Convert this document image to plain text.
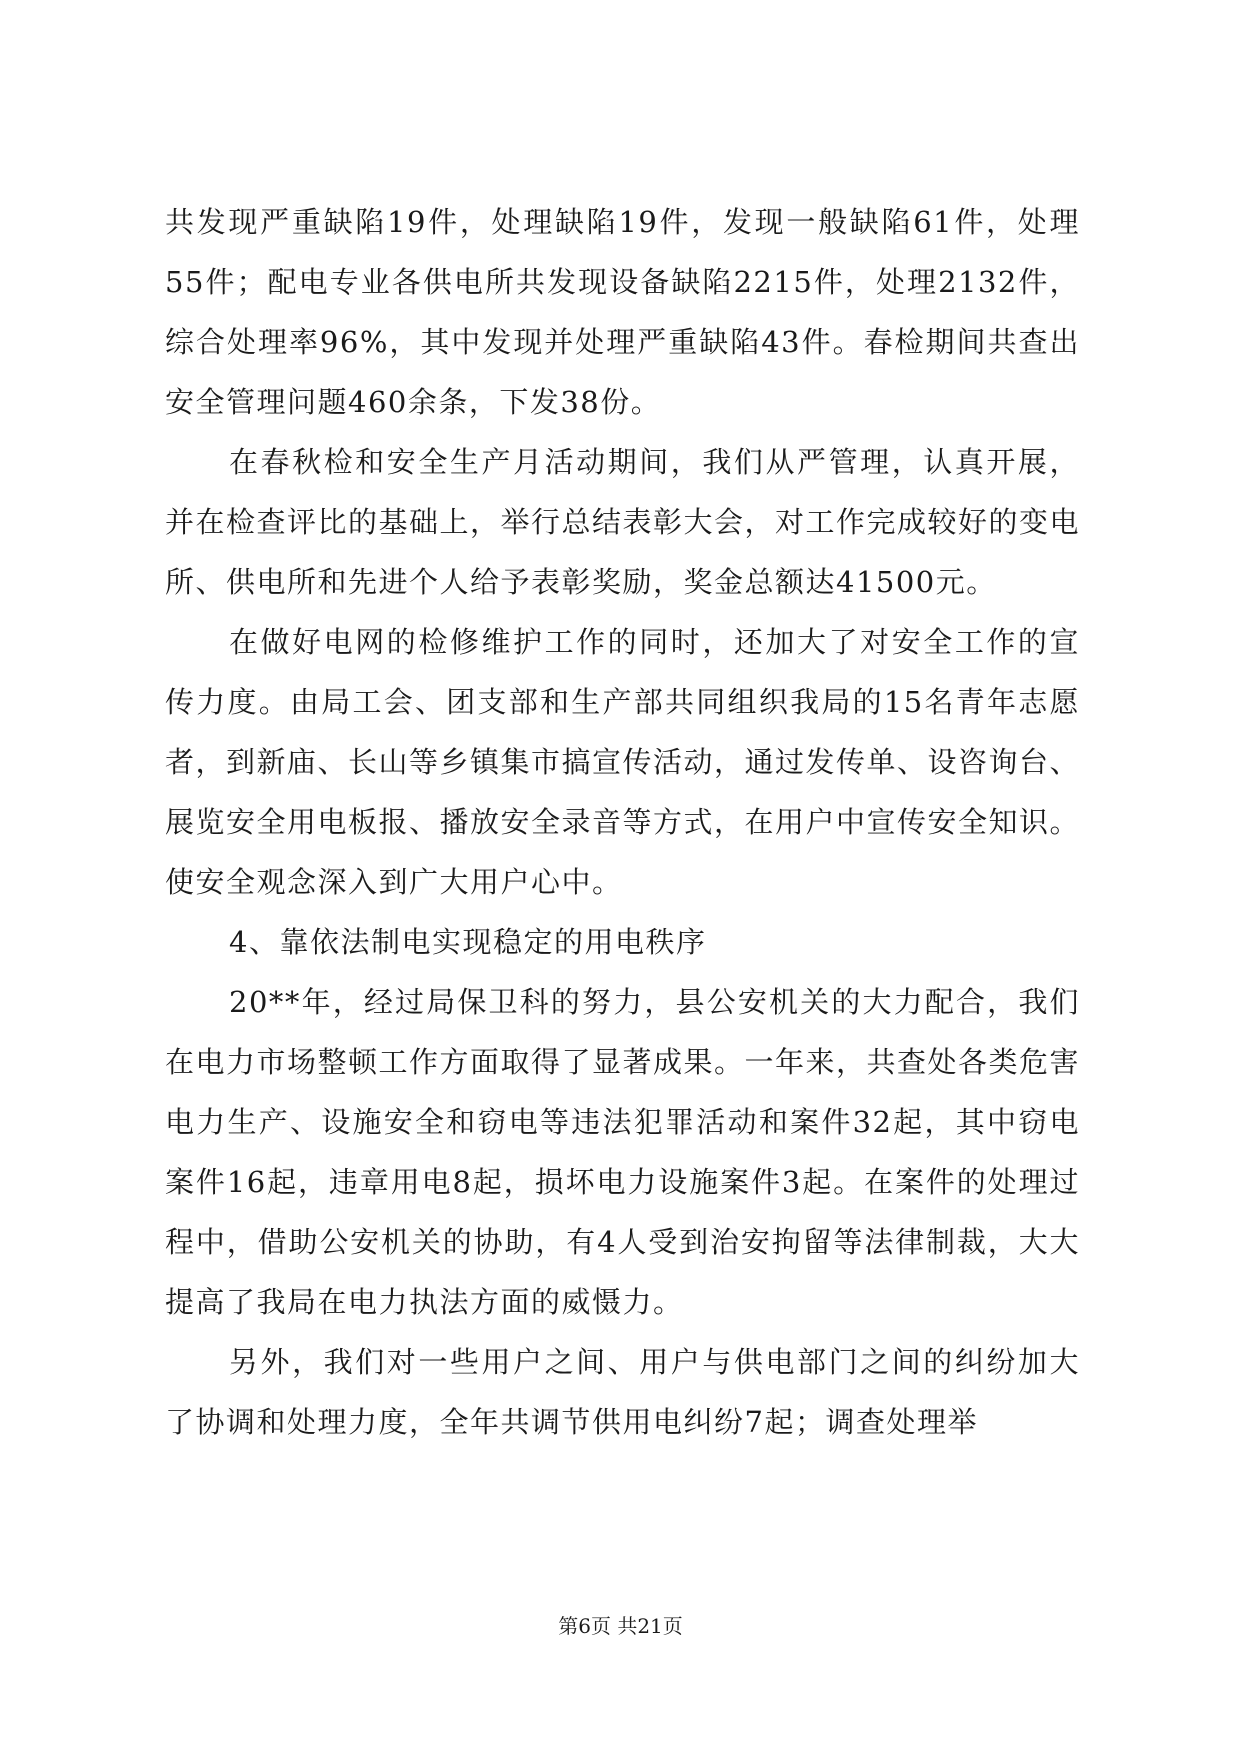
共发现严重缺陷19件，处理缺陷19件，发现一般缺陷61件，处理55件；配电专业各供电所共发现设备缺陷2215件，处理2132件，综合处理率96%，其中发现并处理严重缺陷43件。春检期间共查出安全管理问题460余条，下发38份。

在春秋检和安全生产月活动期间，我们从严管理，认真开展，并在检查评比的基础上，举行总结表彰大会，对工作完成较好的变电所、供电所和先进个人给予表彰奖励，奖金总额达41500元。

在做好电网的检修维护工作的同时，还加大了对安全工作的宣传力度。由局工会、团支部和生产部共同组织我局的15名青年志愿者，到新庙、长山等乡镇集市搞宣传活动，通过发传单、设咨询台、展览安全用电板报、播放安全录音等方式，在用户中宣传安全知识。使安全观念深入到广大用户心中。

4、靠依法制电实现稳定的用电秩序

20**年，经过局保卫科的努力，县公安机关的大力配合，我们在电力市场整顿工作方面取得了显著成果。一年来，共查处各类危害电力生产、设施安全和窃电等违法犯罪活动和案件32起，其中窃电案件16起，违章用电8起，损坏电力设施案件3起。在案件的处理过程中，借助公安机关的协助，有4人受到治安拘留等法律制裁，大大提高了我局在电力执法方面的威慑力。

另外，我们对一些用户之间、用户与供电部门之间的纠纷加大了协调和处理力度，全年共调节供用电纠纷7起；调查处理举

第6页 共21页
